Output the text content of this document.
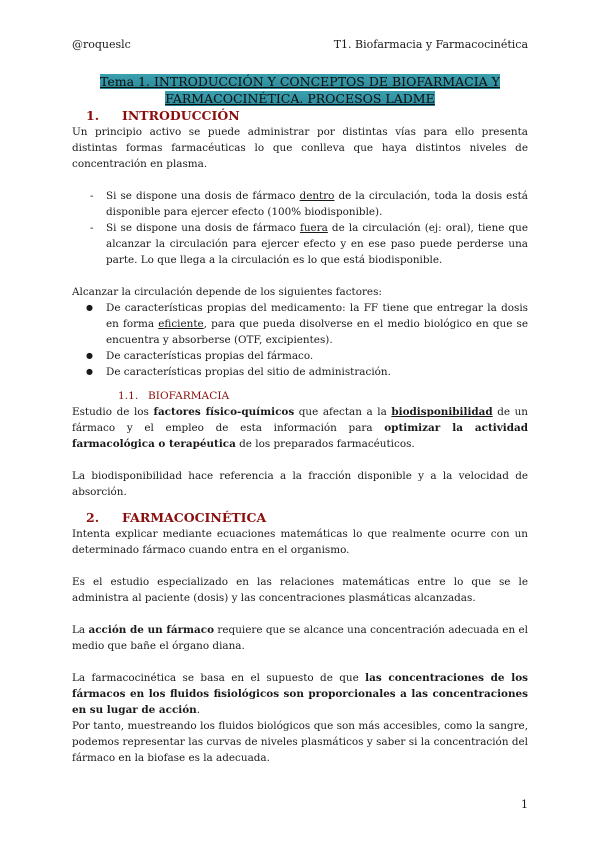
@roqueslc	T1. Biofarmacia y Farmacocinética
Tema 1. INTRODUCCIÓN Y CONCEPTOS DE BIOFARMACIA Y
FARMACOCINÉTICA. PROCESOS LADME
1. INTRODUCCIÓN

Un principio activo se puede administrar por distintas vías para ello presenta distintas formas farmacéuticas lo que conlleva que haya distintos niveles de concentración en plasma.

- Si se dispone una dosis de fármaco dentro de la circulación, toda la dosis está disponible para ejercer efecto (100% biodisponible).
- Si se dispone una dosis de fármaco fuera de la circulación (ej: oral), tiene que alcanzar la circulación para ejercer efecto y en ese paso puede perderse una parte. Lo que llega a la circulación es lo que está biodisponible.

Alcanzar la circulación depende de los siguientes factores:

● De características propias del medicamento: la FF tiene que entregar la dosis en forma eficiente, para que pueda disolverse en el medio biológico en que se encuentra y absorberse (OTF, excipientes).
● De características propias del fármaco.
● De características propias del sitio de administración.
1.1. BIOFARMACIA

Estudio de los factores físico-químicos que afectan a la biodisponibilidad de un fármaco y el empleo de esta información para optimizar la actividad farmacológica o terapéutica de los preparados farmacéuticos.

La biodisponibilidad hace referencia a la fracción disponible y a la velocidad de absorción.

2. FARMACOCINÉTICA

Intenta explicar mediante ecuaciones matemáticas lo que realmente ocurre con un determinado fármaco cuando entra en el organismo.

Es el estudio especializado en las relaciones matemáticas entre lo que se le administra al paciente (dosis) y las concentraciones plasmáticas alcanzadas.

La acción de un fármaco requiere que se alcance una concentración adecuada en el medio que bañe el órgano diana.

La farmacocinética se basa en el supuesto de que las concentraciones de los fármacos en los fluidos fisiológicos son proporcionales a las concentraciones en su lugar de acción.

Por tanto, muestreando los fluidos biológicos que son más accesibles, como la sangre, podemos representar las curvas de niveles plasmáticos y saber si la concentración del fármaco en la biofase es la adecuada.

1
